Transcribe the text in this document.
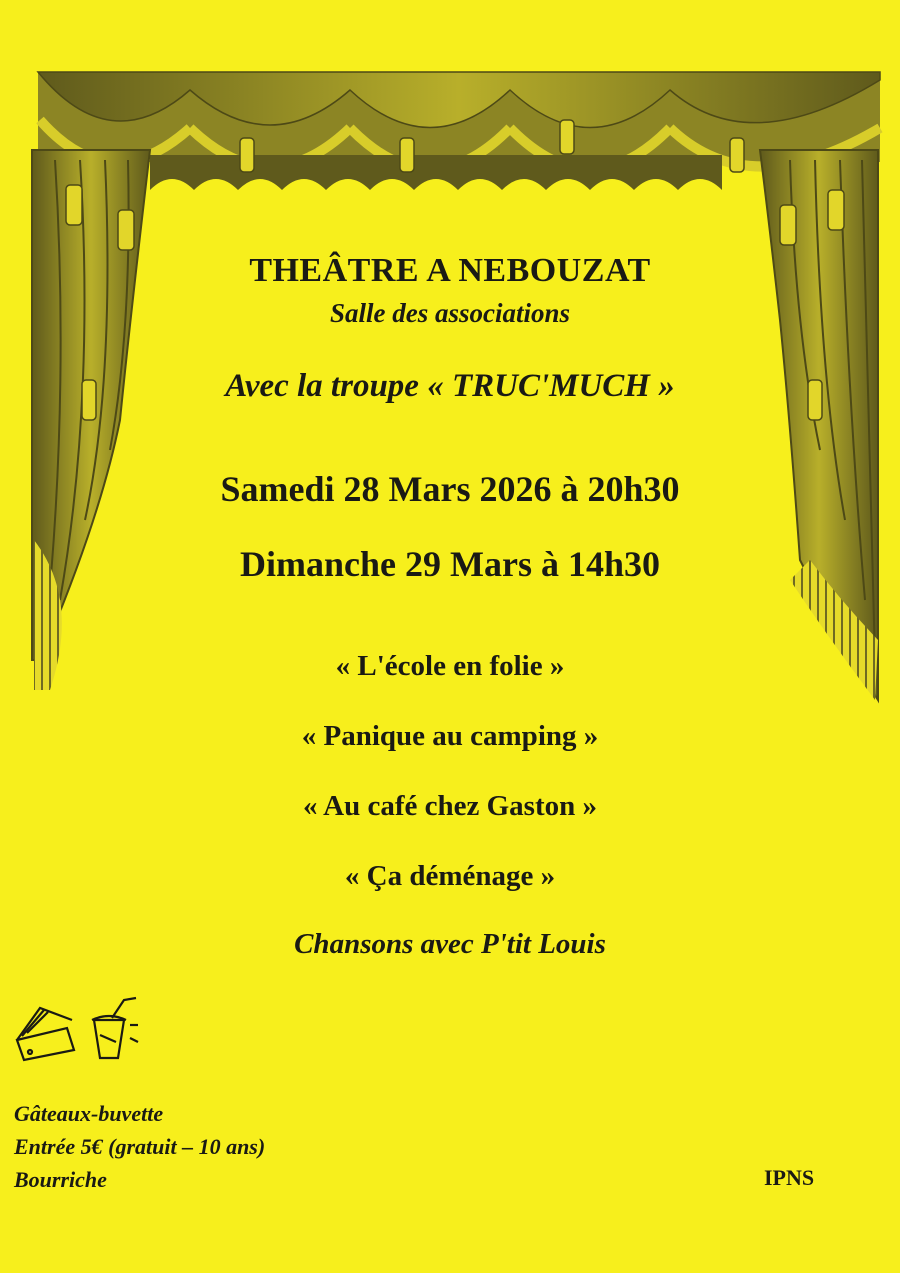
THEÂTRE A NEBOUZAT
Salle des associations
Avec la troupe « TRUC'MUCH »
Samedi 28 Mars 2026 à 20h30
Dimanche 29 Mars à 14h30
« L'école en folie »
« Panique au camping »
« Au café chez Gaston »
« Ça déménage »
Chansons avec P'tit Louis
Gâteaux-buvette
Entrée 5€ (gratuit – 10 ans)
Bourriche	IPNS
